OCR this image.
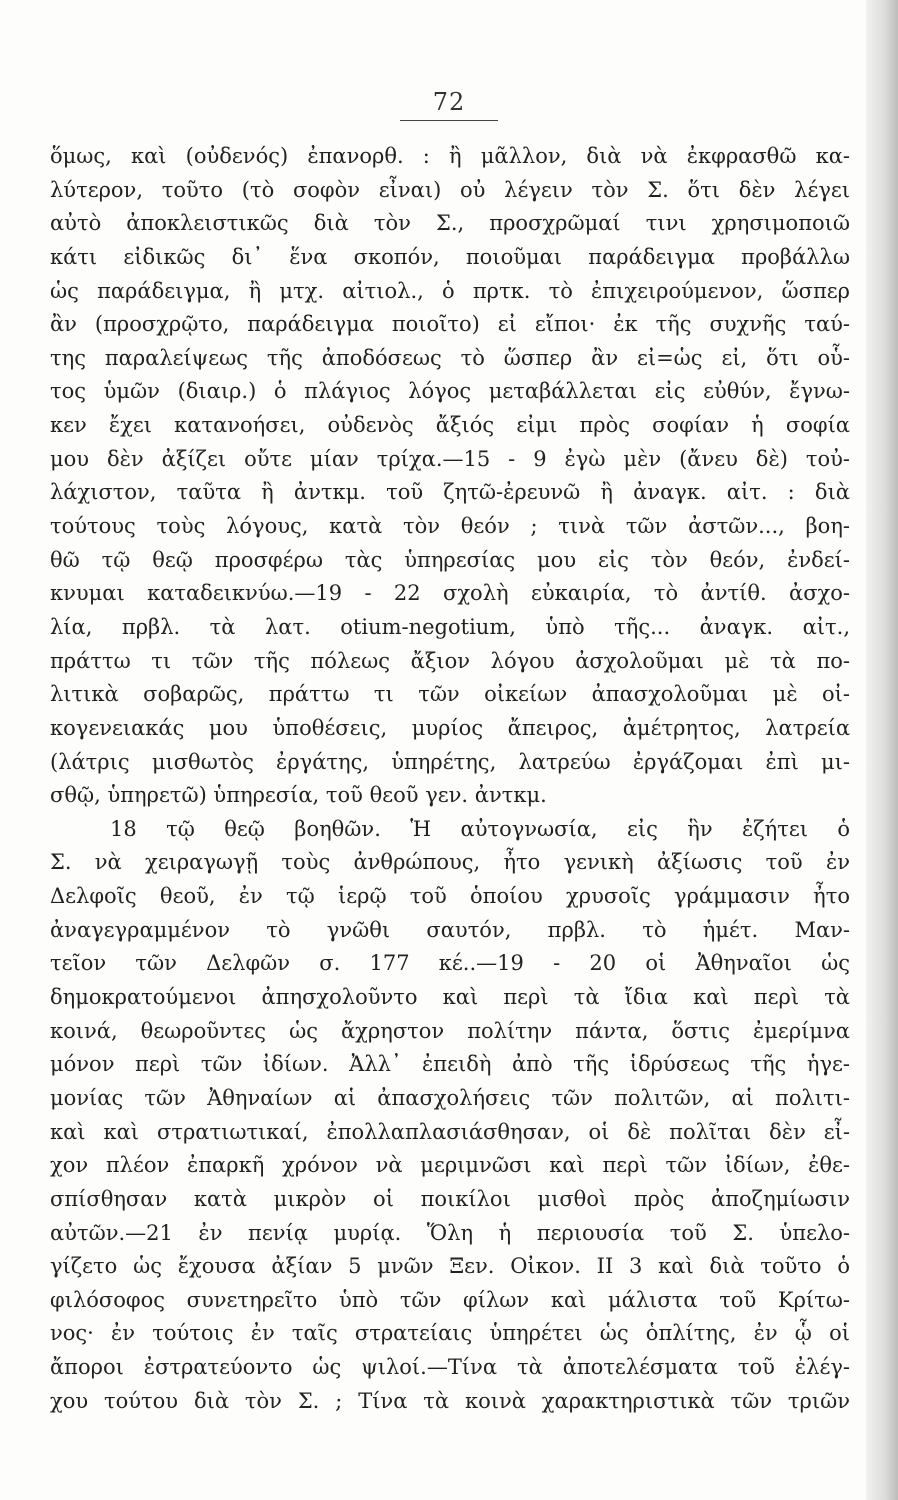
72
ὅμως, καὶ (οὐδενός) ἐπανορθ. : ἢ μᾶλλον, διὰ νὰ ἐκφρασθῶ κα-
λύτερον, τοῦτο (τὸ σοφὸν εἶναι) οὐ λέγειν τὸν Σ. ὅτι δὲν λέγει
αὐτὸ ἀποκλειστικῶς διὰ τὸν Σ., προσχρῶμαί τινι χρησιμοποιῶ
κάτι εἰδικῶς δι᾽ ἕνα σκοπόν, ποιοῦμαι παράδειγμα προβάλλω
ὡς παράδειγμα, ἢ μτχ. αἰτιολ., ὁ πρτκ. τὸ ἐπιχειρούμενον, ὥσπερ
ἂν (προσχρῷτο, παράδειγμα ποιοῖτο) εἰ εἴποι· ἐκ τῆς συχνῆς ταύ-
της παραλείψεως τῆς ἀποδόσεως τὸ ὥσπερ ἂν εἰ=ὡς εἰ, ὅτι οὗ-
τος ὑμῶν (διαιρ.) ὁ πλάγιος λόγος μεταβάλλεται εἰς εὐθύν, ἔγνω-
κεν ἔχει κατανοήσει, οὐδενὸς ἄξιός εἰμι πρὸς σοφίαν ἡ σοφία
μου δὲν ἀξίζει οὔτε μίαν τρίχα.—15 - 9 ἐγὼ μὲν (ἄνευ δὲ) τοὐ-
λάχιστον, ταῦτα ἢ ἀντκμ. τοῦ ζητῶ-ἐρευνῶ ἢ ἀναγκ. αἰτ. : διὰ
τούτους τοὺς λόγους, κατὰ τὸν θεόν ; τινὰ τῶν ἀστῶν..., βοη-
θῶ τῷ θεῷ προσφέρω τὰς ὑπηρεσίας μου εἰς τὸν θεόν, ἐνδεί-
κνυμαι καταδεικνύω.—19 - 22 σχολὴ εὐκαιρία, τὸ ἀντίθ. ἀσχο-
λία, πρβλ. τὰ λατ. otium-negotium, ὑπὸ τῆς... ἀναγκ. αἰτ.,
πράττω τι τῶν τῆς πόλεως ἄξιον λόγου ἀσχολοῦμαι μὲ τὰ πο-
λιτικὰ σοβαρῶς, πράττω τι τῶν οἰκείων ἀπασχολοῦμαι μὲ οἰ-
κογενειακάς μου ὑποθέσεις, μυρίος ἄπειρος, ἀμέτρητος, λατρεία
(λάτρις μισθωτὸς ἐργάτης, ὑπηρέτης, λατρεύω ἐργάζομαι ἐπὶ μι-
σθῷ, ὑπηρετῶ) ὑπηρεσία, τοῦ θεοῦ γεν. ἀντκμ.
18 τῷ θεῷ βοηθῶν. Ἡ αὐτογνωσία, εἰς ἣν ἐζήτει ὁ
Σ. νὰ χειραγωγῇ τοὺς ἀνθρώπους, ἦτο γενικὴ ἀξίωσις τοῦ ἐν
Δελφοῖς θεοῦ, ἐν τῷ ἱερῷ τοῦ ὁποίου χρυσοῖς γράμμασιν ἦτο
ἀναγεγραμμένον τὸ γνῶθι σαυτόν, πρβλ. τὸ ἡμέτ. Μαν-
τεῖον τῶν Δελφῶν σ. 177 κέ..—19 - 20 οἱ Ἀθηναῖοι ὡς
δημοκρατούμενοι ἀπησχολοῦντο καὶ περὶ τὰ ἴδια καὶ περὶ τὰ
κοινά, θεωροῦντες ὡς ἄχρηστον πολίτην πάντα, ὅστις ἐμερίμνα
μόνον περὶ τῶν ἰδίων. Ἀλλ᾽ ἐπειδὴ ἀπὸ τῆς ἱδρύσεως τῆς ἡγε-
μονίας τῶν Ἀθηναίων αἱ ἀπασχολήσεις τῶν πολιτῶν, αἱ πολιτι-
καὶ καὶ στρατιωτικαί, ἐπολλαπλασιάσθησαν, οἱ δὲ πολῖται δὲν εἶ-
χον πλέον ἐπαρκῆ χρόνον νὰ μεριμνῶσι καὶ περὶ τῶν ἰδίων, ἐθε-
σπίσθησαν κατὰ μικρὸν οἱ ποικίλοι μισθοὶ πρὸς ἀποζημίωσιν
αὐτῶν.—21 ἐν πενίᾳ μυρίᾳ. Ὅλη ἡ περιουσία τοῦ Σ. ὑπελο-
γίζετο ὡς ἔχουσα ἀξίαν 5 μνῶν Ξεν. Οἰκον. II 3 καὶ διὰ τοῦτο ὁ
φιλόσοφος συνετηρεῖτο ὑπὸ τῶν φίλων καὶ μάλιστα τοῦ Κρίτω-
νος· ἐν τούτοις ἐν ταῖς στρατείαις ὑπηρέτει ὡς ὁπλίτης, ἐν ᾧ οἱ
ἄποροι ἐστρατεύοντο ὡς ψιλοί.—Τίνα τὰ ἀποτελέσματα τοῦ ἐλέγ-
χου τούτου διὰ τὸν Σ. ; Τίνα τὰ κοινὰ χαρακτηριστικὰ τῶν τριῶν
